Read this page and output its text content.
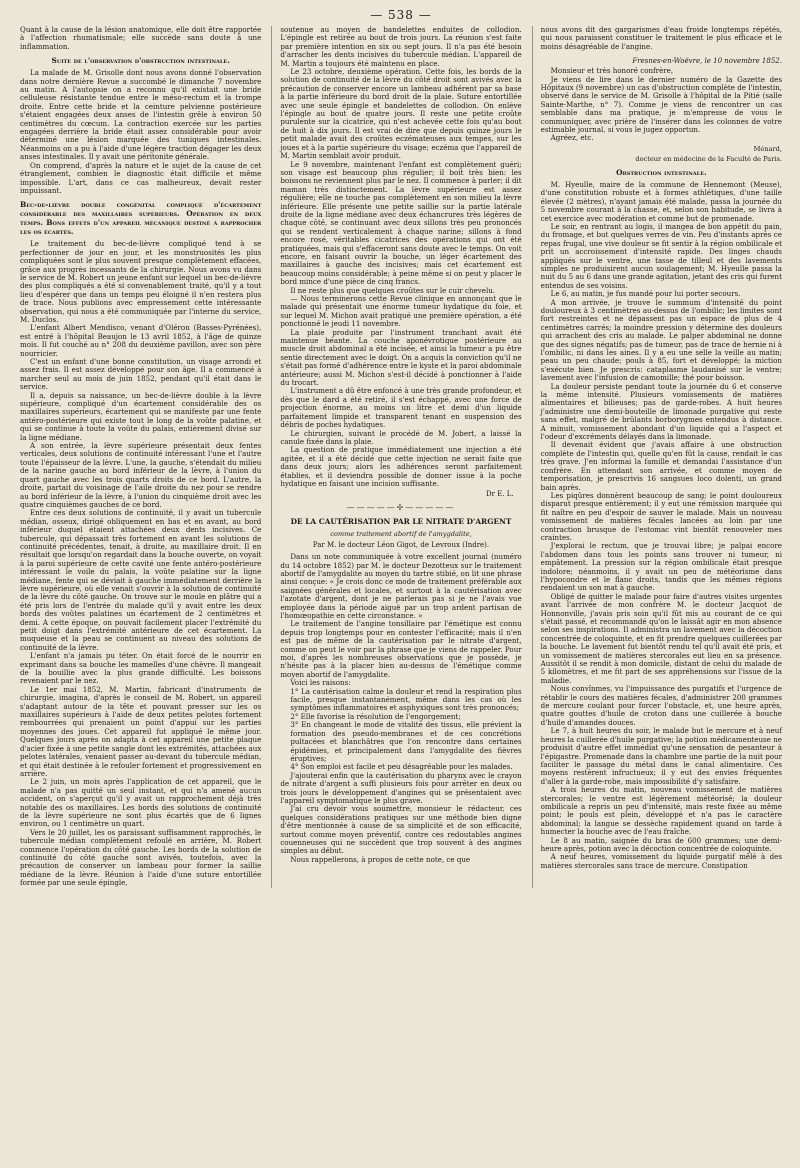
— 538 —

Quant à la cause de la lésion anatomique, elle doit être rapportée à l'affection rhumatismale; elle succède sans doute à une inflammation.

Suite de l'observation d'obstruction intestinale.

La malade de M. Grisolle dont nous avons donné l'observation dans notre dernière Revue a succombé le dimanche 7 novembre au matin. A l'autopsie on a reconnu qu'il existait une bride celluleuse résistante tendue entre le méso-rectum et la trompe droite. Entre cette bride et la ceinture pelvienne postérieure s'étaient engagées deux anses de l'intestin grêle à environ 50 centimètres du cœcum. La contraction exercée sur les parties engagées derrière la bride était assez considérable pour avoir déterminé une lésion marquée des tuniques intestinales. Néanmoins on a pu à l'aide d'une légère traction dégager les deux anses intestinales. Il y avait une péritonite générale.

On comprend, d'après la nature et le sujet de la cause de cet étranglement, combien le diagnostic était difficile et même impossible. L'art, dans ce cas malheureux, devait rester impuissant.

Bec-de-lièvre double congénital compliqué d'écartement considérable des maxillaires supérieurs. Opération en deux temps. Bons effets d'un appareil mécanique destiné à rapprocher les os écartés.

Le traitement du bec-de-lièvre compliqué tend à se perfectionner de jour en jour, et les monstruosités les plus compliquées sont le plus souvent presque complètement effacées, grâce aux progrès incessants de la chirurgie. Nous avons vu dans le service de M. Robert un jeune enfant sur lequel un bec-de-lièvre des plus compliqués a été si convenablement traité, qu'il y a tout lieu d'espérer que dans un temps peu éloigné il n'en restera plus de trace. Nous publions avec empressement cette intéressante observation, qui nous a été communiquée par l'interne du service, M. Duclos.

L'enfant Albert Mendisco, venant d'Oléron (Basses-Pyrénées), est entré à l'hôpital Beaujon le 13 avril 1852, à l'âge de quinze mois. Il fut couché au n° 208 du deuxième pavillon, avec son père nourricier.

C'est un enfant d'une bonne constitution, un visage arrondi et assez frais. Il est assez développé pour son âge. Il a commencé à marcher seul au mois de juin 1852, pendant qu'il était dans le service.

Il a, depuis sa naissance, un bec-de-lièvre double à la lèvre supérieure, compliqué d'un écartement considérable des os maxillaires supérieurs, écartement qui se manifeste par une fente antéro-postérieure qui existe tout le long de la voûte palatine, et qui se continue à toute la voûte du palais, entièrement divisé sur la ligne médiane.

A son entrée, la lèvre supérieure présentait deux fentes verticales, deux solutions de continuité intéressant l'une et l'autre toute l'épaisseur de la lèvre. L'une, la gauche, s'étendait du milieu de la narine gauche au bord inférieur de la lèvre, à l'union du quart gauche avec les trois quarts droits de ce bord. L'autre, la droite, partait du voisinage de l'aile droite du nez pour se rendre au bord inférieur de la lèvre, à l'union du cinquième droit avec les quatre cinquièmes gauches de ce bord.

Entre ces deux solutions de continuité, il y avait un tubercule médian, osseux, dirigé obliquement en bas et en avant, au bord inférieur duquel étaient attachées deux dents incisives. Ce tubercule, qui dépassait très fortement en avant les solutions de continuité précédentes, tenait, à droite, au maxillaire droit. Il en résultait que lorsqu'on regardait dans la bouche ouverte, on voyait à la paroi supérieure de cette cavité une fente antéro-postérieure intéressant le voile du palais, la voûte palatine sur la ligne médiane, fente qui se déviait à gauche immédiatement derrière la lèvre supérieure, où elle venait s'ouvrir à la solution de continuité de la lèvre du côté gauche. On trouve sur le moule en plâtre qui a été pris lors de l'entrée du malade qu'il y avait entre les deux bords des voûtes palatines un écartement de 2 centimètres et demi. A cette époque, on pouvait facilement placer l'extrémité du petit doigt dans l'extrémité antérieure de cet écartement. La muqueuse et la peau se continuent au niveau des solutions de continuité de la lèvre.

L'enfant n'a jamais pu téter. On était forcé de le nourrir en exprimant dans sa bouche les mamelles d'une chèvre. Il mangeait de la bouillie avec la plus grande difficulté. Les boissons revenaient par le nez.

Le 1er mai 1852, M. Martin, fabricant d'instruments de chirurgie, imagina, d'après le conseil de M. Robert, un appareil s'adaptant autour de la tête et pouvant presser sur les os maxillaires supérieurs à l'aide de deux petites pelotes fortement rembourrées qui prenaient un point d'appui sur les parties moyennes des joues. Cet appareil fut appliqué le même jour. Quelques jours après on adapta à cet appareil une petite plaque d'acier fixée à une petite sangle dont les extrémités, attachées aux pelotes latérales, venaient passer au-devant du tubercule médian, et qui était destinée à le refouler fortement et progressivement en arrière.

Le 2 juin, un mois après l'application de cet appareil, que le malade n'a pas quitté un seul instant, et qui n'a amené aucun accident, on s'aperçut qu'il y avait un rapprochement déjà très notable des os maxillaires. Les bords des solutions de continuité de la lèvre supérieure ne sont plus écartés que de 6 lignes environ, ou 1 centimètre un quart.

Vers le 20 juillet, les os paraissant suffisamment rapprochés, le tubercule médian complètement refoulé en arrière, M. Robert commence l'opération du côté gauche. Les bords de la solution de continuité du côté gauche sont avivés, toutefois, avec la précaution de conserver un lambeau pour former la saillie médiane de la lèvre. Réunion à l'aide d'une suture entortillée formée par une seule épingle,

soutenue au moyen de bandelettes enduites de collodion. L'épingle est retirée au bout de trois jours. La réunion s'est faite par première intention en six ou sept jours. Il n'a pas été besoin d'arracher les dents incisives du tubercule médian. L'appareil de M. Martin a toujours été maintenu en place.

Le 23 octobre, deuxième opération. Cette fois, les bords de la solution de continuité de la lèvre du côté droit sont avivés avec la précaution de conserver encore un lambeau adhérent par sa base à la partie inférieure du bord droit de la plaie. Suture entortillée avec une seule épingle et bandelettes de collodion. On enlève l'épingle au bout de quatre jours. Il reste une petite croûte purulente sur la cicatrice, qui n'est achevée cette fois qu'au bout de huit à dix jours. Il est vrai de dire que depuis quinze jours le petit malade avait des croûtes eczémateuses aux tempes, sur les joues et à la partie supérieure du visage; eczéma que l'appareil de M. Martin semblait avoir produit.

Le 9 novembre, maintenant l'enfant est complètement guéri; son visage est beaucoup plus régulier; il boit très bien: les boissons ne reviennent plus par le nez. Il commence à parler; il dit maman très distinctement. La lèvre supérieure est assez régulière; elle ne touche pas complètement en son milieu la lèvre inférieure. Elle présente une petite saillie sur la partie latérale droite de la ligne médiane avec deux échancrures très légères de chaque côté, se continuant avec deux sillons très peu prononcés qui se rendent verticalement à chaque narine; sillons à fond encore rosé, véritables cicatrices des opérations qui ont été pratiquées, mais qui s'effaceront sans doute avec le temps. On voit encore, en faisant ouvrir la bouche, un léger écartement des maxillaires à gauche des incisives; mais cet écartement est beaucoup moins considérable; à peine même si on peut y placer le bord mince d'une pièce de cinq francs.

Il ne reste plus que quelques croûtes sur le cuir chevelu.

— Nous terminerons cette Revue clinique en annonçant que le malade qui présentait une énorme tumeur hydatique du foie, et sur lequel M. Michon avait pratiqué une première opération, a été ponctionné le jeudi 11 novembre.

La plaie produite par l'instrument tranchant avait été maintenue béante. La couche aponévrotique postérieure au muscle droit abdominal a été incisée, et ainsi la tumeur a pu être sentie directement avec le doigt. On a acquis la conviction qu'il ne s'était pas formé d'adhérence entre le kyste et la paroi abdominale antérieure; aussi M. Michon s'est-il décidé à ponctionner à l'aide du trocart.

L'instrument a dû être enfoncé à une très grande profondeur, et dès que le dard a été retiré, il s'est échappé, avec une force de projection énorme, au moins un litre et demi d'un liquide parfaitement limpide et transparent tenant en suspension des débris de poches hydatiques.

Le chirurgien, suivant le procédé de M. Jobert, a laissé la canule fixée dans la plaie.

La question de pratique immédiatement une injection a été agitée, et il a été décidé que cette injection ne serait faite que dans deux jours; alors les adhérences seront parfaitement établies, et il deviendra possible de donner issue à la poche hydatique en faisant une incision suffisante.

Dr E. L.
—————✢—————
DE LA CAUTÉRISATION PAR LE NITRATE D'ARGENT
comme traitement abortif de l'amygdalite,
Par M. le docteur Léon Gigot, de Levroux (Indre).

Dans un note communiquée à votre excellent journal (numéro du 14 octobre 1852) par M. le docteur Dezotteux sur le traitement abortif de l'amygdalite au moyen du tartre stibié, on lit une phrase ainsi conçue: « Je crois donc ce mode de traitement préférable aux saignées générales et locales, et surtout à la cautérisation avec l'azotate d'argent, dont je ne parlerais pas si je ne l'avais vue employée dans la période aiguë par un trop ardent partisan de l'homœopathie en cette circonstance. »

Le traitement de l'angine tonsillaire par l'émétique est connu depuis trop longtemps pour en contester l'efficacité; mais il n'en est pas de même de la cautérisation par le nitrate d'argent, comme on peut le voir par la phrase que je viens de rappeler. Pour moi, d'après les nombreuses observations que je possède, je n'hésite pas à la placer bien au-dessus de l'émétique comme moyen abortif de l'amygdalite.

Voici les raisons:

1° La cautérisation calme la douleur et rend la respiration plus facile, presque instantanément, même dans les cas où les symptômes inflammatoires et asphyxiques sont très prononcés;

2° Elle favorise la résolution de l'engorgement;

3° En changeant le mode de vitalité des tissus, elle prévient la formation des pseudo-membranes et de ces concrétions pultacées et blanchâtres que l'on rencontre dans certaines épidémies, et principalement dans l'amygdalite des fièvres éruptives;

4° Son emploi est facile et peu désagréable pour les malades.

J'ajouterai enfin que la cautérisation du pharynx avec le crayon de nitrate d'argent a suffi plusieurs fois pour arrêter en deux ou trois jours le développement d'angines qui se présentaient avec l'appareil symptomatique le plus grave.

J'ai cru devoir vous soumettre, monsieur le rédacteur, ces quelques considérations pratiques sur une méthode bien digne d'être mentionnée à cause de sa simplicité et de son efficacité, surtout comme moyen préventif, contre ces redoutables angines couenneuses qui ne succèdent que trop souvent à des angines simples au début.

Nous rappellerons, à propos de cette note, ce que

nous avons dit des gargarismes d'eau froide longtemps répétés, qui nous paraissent constituer le traitement le plus efficace et le moins désagréable de l'angine.

Fresnes-en-Woëvre, le 10 novembre 1852.

Monsieur et très honoré confrère,

Je viens de lire dans le dernier numéro de la Gazette des Hôpitaux (9 novembre) un cas d'obstruction complète de l'intestin, observé dans le service de M. Grisolle à l'hôpital de la Pitié (salle Sainte-Marthe, n° 7). Comme je viens de rencontrer un cas semblable dans ma pratique, je m'empresse de vous le communiquer, avec prière de l'insérer dans les colonnes de votre estimable journal, si vous le jugez opportun.

Agréez, etc.

Ménard,
docteur en médecine de la Faculté de Paris.
Obstruction intestinale.

M. Hyeulle, maire de la commune de Hennemont (Meuse), d'une constitution robuste et à formes athlétiques, d'une taille élevée (2 mètres), n'ayant jamais été malade, passa la journée du 5 novembre courant à la chasse, et, selon son habitude, se livra à cet exercice avec modération et comme but de promenade.

Le soir, en rentrant au logis, il mangea de bon appétit du pain, du fromage, et but quelques verres de vin. Peu d'instants après ce repas frugal, une vive douleur se fit sentir à la région ombilicale et prit un accroissement d'intensité rapide. Des linges chauds appliqués sur le ventre, une tasse de tilleul et des lavements simples ne produisirent aucun soulagement; M. Hyeulle passa la nuit du 5 au 6 dans une grande agitation, jetant des cris qui furent entendus de ses voisins.

Le 6, au matin, je fus mandé pour lui porter secours.

A mon arrivée, je trouve le summum d'intensité du point douloureux à 3 centimètres au-dessus de l'ombilic; les limites sont fort restreintes et ne dépassent pas un espace de plus de 4 centimètres carrés; la moindre pression y détermine des douleurs qui arrachent des cris au malade. Le palper abdominal ne donne que des signes négatifs; pas de tumeur, pas de trace de hernie ni à l'ombilic, ni dans les aines. Il y a eu une selle la veille au matin; peau un peu chaude; pouls à 85, fort et développé; la miction s'exécute bien. Je prescris: cataplasme laudanisé sur le ventre; lavement avec l'infusion de camomille; thé pour boisson.

La douleur persiste pendant toute la journée du 6 et conserve la même intensité. Plusieurs vomissements de matières alimentaires et bilieuses; pas de garde-robes. A huit heures j'administre une demi-bouteille de limonade purgative qui reste sans effet, malgré de brûlants borborygmes entendus à distance. A minuit, vomissement abondant d'un liquide qui a l'aspect et l'odeur d'excréments délayés dans la limonade.

Il devenait évident que j'avais affaire à une obstruction complète de l'intestin qui, quelle qu'en fût la cause, rendait le cas très grave. J'en informai la famille et demandai l'assistance d'un confrère. En attendant son arrivée, et comme moyen de temporisation, je prescrivis 16 sangsues loco dolenti, un grand bain après.

Les piqûres donnèrent beaucoup de sang; le point douloureux disparut presque entièrement; il y eut une rémission marquée qui fit naître en peu d'espoir de sauver le malade. Mais un nouveau vomissement de matières fécales lancées au loin par une contraction brusque de l'estomac vint bientôt renouveler mes craintes.

J'explorai le rectum, que je trouvai libre; je palpai encore l'abdomen dans tous les points sans trouver ni tumeur, ni empâtement. La pression sur la région ombilicale était presque indolore; néanmoins, il y avait un peu de météorisme dans l'hypocondre et le flanc droits, tandis que les mêmes régions rendaient un son mat à gauche.

Obligé de quitter le malade pour faire d'autres visites urgentes avant l'arrivée de mon confrère M. le docteur Jacquot de Honnonville, j'avais pris soin qu'il fût mis au courant de ce qui s'était passé, et recommandé qu'on le laissât agir en mon absence selon ses inspirations. Il administra un lavement avec la décoction concentrée de coloquinte, et en fit prendre quelques cuillerées par la bouche. Le lavement fut bientôt rendu tel qu'il avait été pris, et un vomissement de matières stercorales eut lieu en sa présence. Aussitôt il se rendit à mon domicile, distant de celui du malade de 5 kilomètres, et me fit part de ses appréhensions sur l'issue de la maladie.

Nous convînmes, vu l'impuissance des purgatifs et l'urgence de rétablir le cours des matières fécales, d'administrer 200 grammes de mercure coulant pour forcer l'obstacle, et, une heure après, quatre gouttes d'huile de croton dans une cuillerée à bouche d'huile d'amandes douces.

Le 7, à huit heures du soir, le malade but le mercure et à neuf heures la cuillerée d'huile purgative; la potion médicamenteuse ne produisit d'autre effet immédiat qu'une sensation de pesanteur à l'épigastre. Promenade dans la chambre une partie de la nuit pour faciliter le passage du métal dans le canal alimentaire. Ces moyens restèrent infructueux; il y eut des envies fréquentes d'aller à la garde-robe, mais impossibilité d'y satisfaire.

A trois heures du matin, nouveau vomissement de matières stercorales; le ventre est légèrement météorisé; la douleur ombilicale a repris un peu d'intensité, mais reste fixée au même point; le pouls est plein, développé et n'a pas le caractère abdominal; la langue se dessèche rapidement quand on tarde à humecter la bouche avec de l'eau fraîche.

Le 8 au matin, saignée du bras de 600 grammes; une demi-heure après, potion avec la décoction concentrée de coloquinte.

A neuf heures, vomissement du liquide purgatif mêlé à des matières stercorales sans trace de mercure. Constipation
